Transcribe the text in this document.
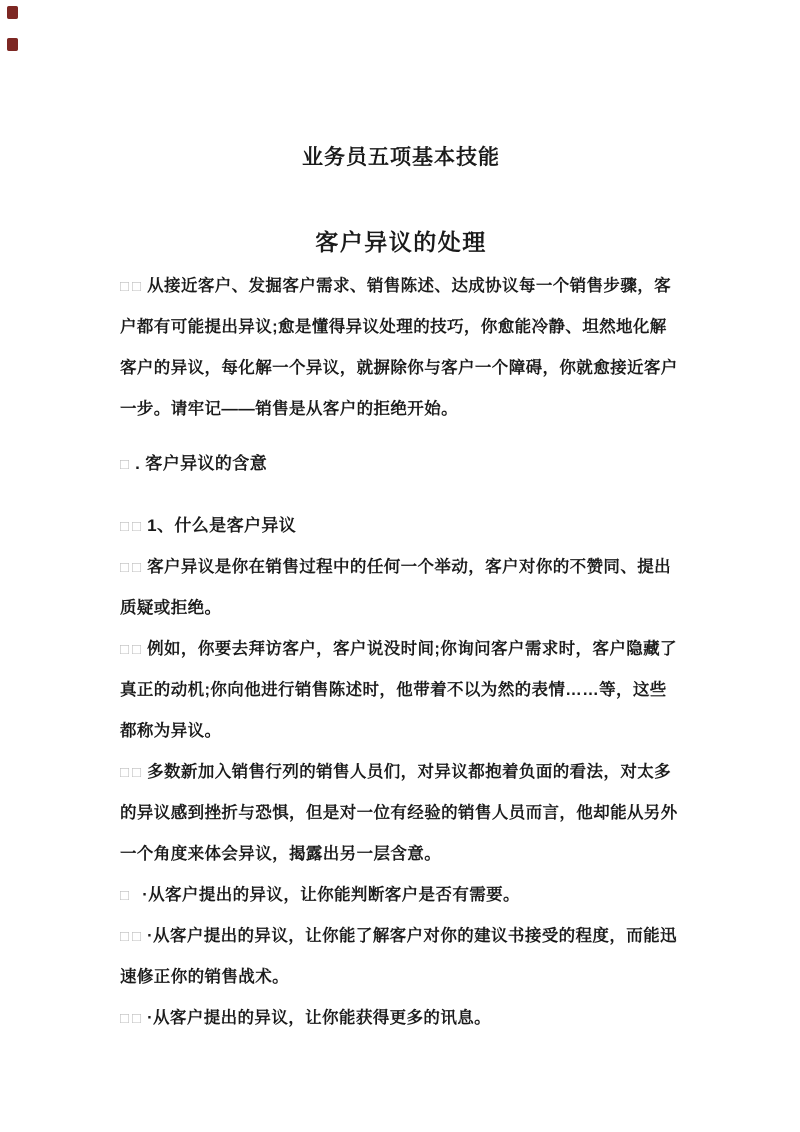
业务员五项基本技能
客户异议的处理

□□ 从接近客户、发掘客户需求、销售陈述、达成协议每一个销售步骤，客户都有可能提出异议;愈是懂得异议处理的技巧，你愈能冷静、坦然地化解客户的异议，每化解一个异议，就摒除你与客户一个障碍，你就愈接近客户一步。请牢记——销售是从客户的拒绝开始。

□ . 客户异议的含意

□□ 1、什么是客户异议

□□ 客户异议是你在销售过程中的任何一个举动，客户对你的不赞同、提出质疑或拒绝。

□□ 例如，你要去拜访客户，客户说没时间;你询问客户需求时，客户隐藏了真正的动机;你向他进行销售陈述时，他带着不以为然的表情……等，这些都称为异议。

□□ 多数新加入销售行列的销售人员们，对异议都抱着负面的看法，对太多的异议感到挫折与恐惧，但是对一位有经验的销售人员而言，他却能从另外一个角度来体会异议，揭露出另一层含意。

□ ·从客户提出的异议，让你能判断客户是否有需要。

□□ ·从客户提出的异议，让你能了解客户对你的建议书接受的程度，而能迅速修正你的销售战术。

□□ ·从客户提出的异议，让你能获得更多的讯息。
